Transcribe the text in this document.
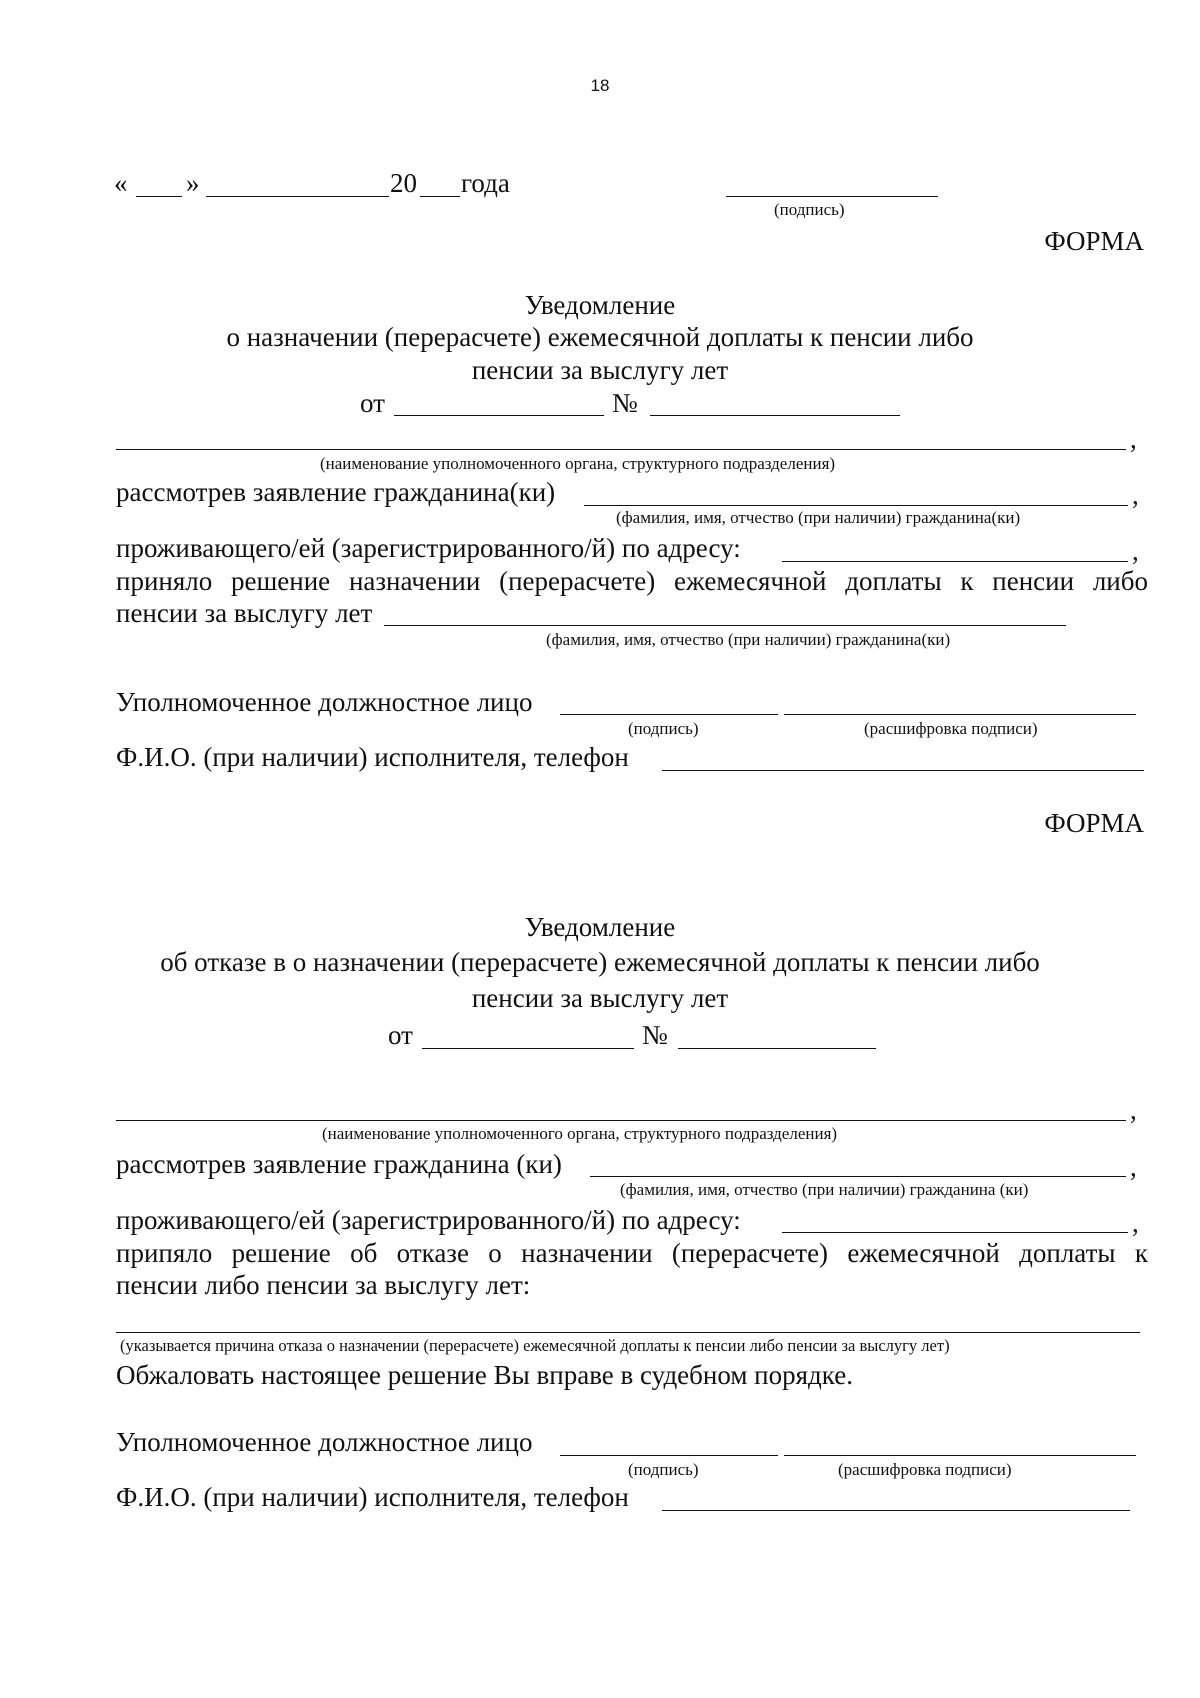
18
« »	20 года
(подпись)
ФОРМА
Уведомление
о назначении (перерасчете) ежемесячной доплаты к пенсии либо
пенсии за выслугу лет
от	№
,
(наименование уполномоченного органа, структурного подразделения)
рассмотрев заявление гражданина(ки)	,
(фамилия, имя, отчество (при наличии) гражданина(ки)
проживающего/ей (зарегистрированного/й) по адресу:	,
приняло решение назначении (перерасчете) ежемесячной доплаты к пенсии либо
пенсии за выслугу лет
(фамилия, имя, отчество (при наличии) гражданина(ки)
Уполномоченное должностное лицо
(подпись)	(расшифровка подписи)
Ф.И.О. (при наличии) исполнителя, телефон
ФОРМА
Уведомление
об отказе в о назначении (перерасчете) ежемесячной доплаты к пенсии либо
пенсии за выслугу лет
от	№
,
(наименование уполномоченного органа, структурного подразделения)
рассмотрев заявление гражданина (ки)	,
(фамилия, имя, отчество (при наличии) гражданина (ки)
проживающего/ей (зарегистрированного/й) по адресу:	,
припяло решение об отказе о назначении (перерасчете) ежемесячной доплаты к
пенсии либо пенсии за выслугу лет:
(указывается причина отказа о назначении (перерасчете) ежемесячной доплаты к пенсии либо пенсии за выслугу лет)
Обжаловать настоящее решение Вы вправе в судебном порядке.
Уполномоченное должностное лицо
(подпись)	(расшифровка подписи)
Ф.И.О. (при наличии) исполнителя, телефон
